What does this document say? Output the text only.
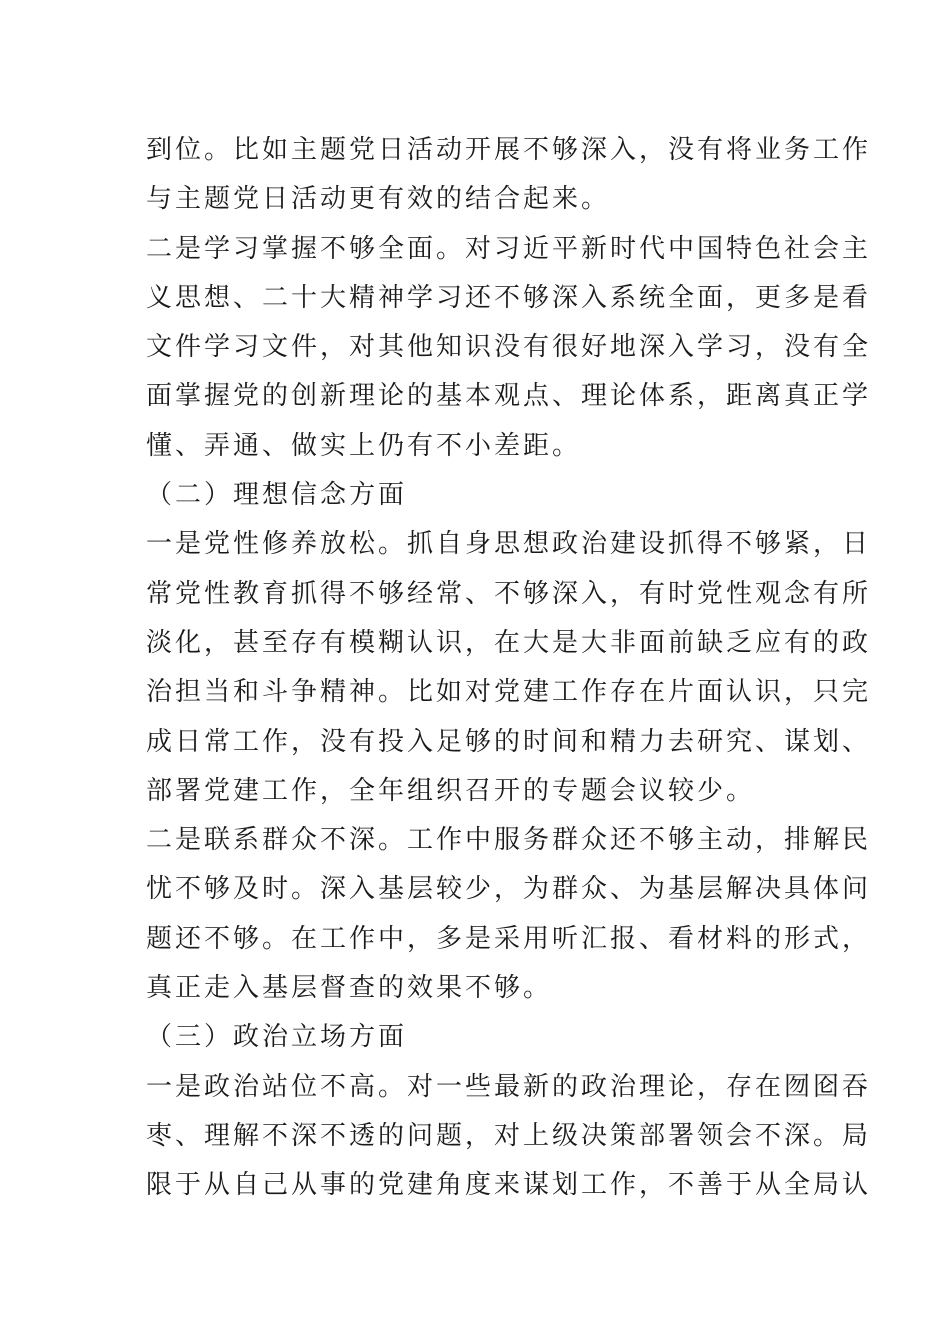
到位。比如主题党日活动开展不够深入，没有将业务工作
与主题党日活动更有效的结合起来。
二是学习掌握不够全面。对习近平新时代中国特色社会主
义思想、二十大精神学习还不够深入系统全面，更多是看
文件学习文件，对其他知识没有很好地深入学习，没有全
面掌握党的创新理论的基本观点、理论体系，距离真正学
懂、弄通、做实上仍有不小差距。
（二）理想信念方面
一是党性修养放松。抓自身思想政治建设抓得不够紧，日
常党性教育抓得不够经常、不够深入，有时党性观念有所
淡化，甚至存有模糊认识，在大是大非面前缺乏应有的政
治担当和斗争精神。比如对党建工作存在片面认识，只完
成日常工作，没有投入足够的时间和精力去研究、谋划、
部署党建工作，全年组织召开的专题会议较少。
二是联系群众不深。工作中服务群众还不够主动，排解民
忧不够及时。深入基层较少，为群众、为基层解决具体问
题还不够。在工作中，多是采用听汇报、看材料的形式，
真正走入基层督查的效果不够。
（三）政治立场方面
一是政治站位不高。对一些最新的政治理论，存在囫囵吞
枣、理解不深不透的问题，对上级决策部署领会不深。局
限于从自己从事的党建角度来谋划工作，不善于从全局认
